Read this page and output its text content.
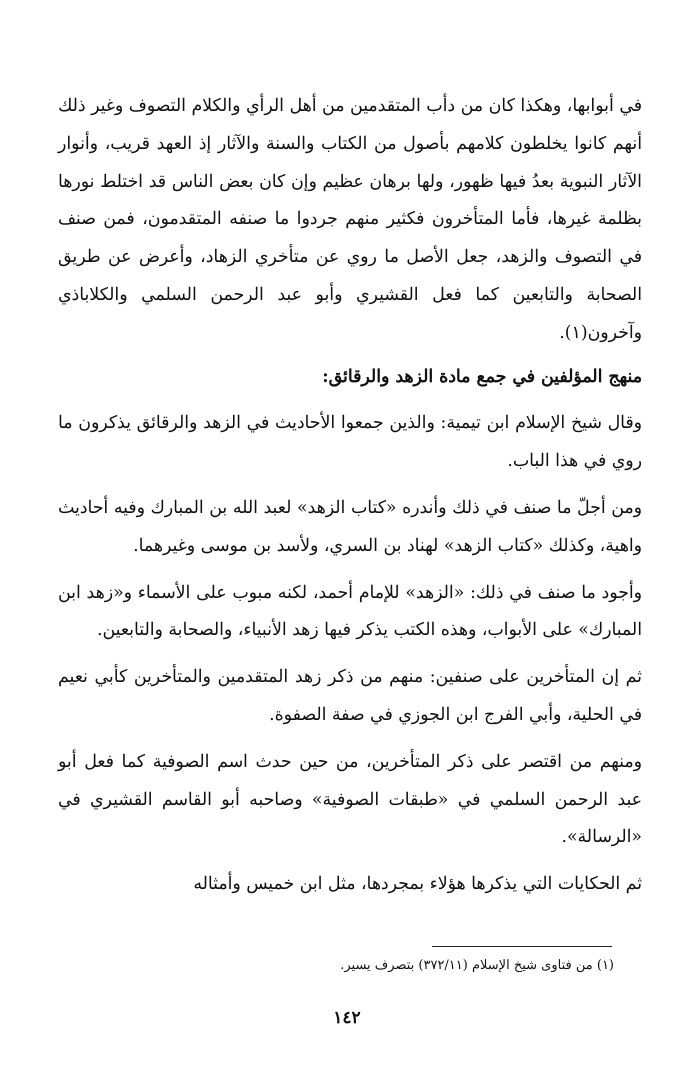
في أبوابها، وهكذا كان من دأب المتقدمين من أهل الرأي والكلام التصوف وغير ذلك أنهم كانوا يخلطون كلامهم بأصول من الكتاب والسنة والآثار إذ العهد قريب، وأنوار الآثار النبوية بعدُ فيها ظهور، ولها برهان عظيم وإن كان بعض الناس قد اختلط نورها بظلمة غيرها، فأما المتأخرون فكثير منهم جردوا ما صنفه المتقدمون، فمن صنف في التصوف والزهد، جعل الأصل ما روي عن متأخري الزهاد، وأعرض عن طريق الصحابة والتابعين كما فعل القشيري وأبو عبد الرحمن السلمي والكلاباذي وآخرون(١).

منهج المؤلفين في جمع مادة الزهد والرقائق:

وقال شيخ الإسلام ابن تيمية: والذين جمعوا الأحاديث في الزهد والرقائق يذكرون ما روي في هذا الباب.

ومن أجلّ ما صنف في ذلك وأندره «كتاب الزهد» لعبد الله بن المبارك وفيه أحاديث واهية، وكذلك «كتاب الزهد» لهناد بن السري، ولأسد بن موسى وغيرهما.

وأجود ما صنف في ذلك: «الزهد» للإمام أحمد، لكنه مبوب على الأسماء و«زهد ابن المبارك» على الأبواب، وهذه الكتب يذكر فيها زهد الأنبياء، والصحابة والتابعين.

ثم إن المتأخرين على صنفين: منهم من ذكر زهد المتقدمين والمتأخرين كأبي نعيم في الحلية، وأبي الفرج ابن الجوزي في صفة الصفوة.

ومنهم من اقتصر على ذكر المتأخرين، من حين حدث اسم الصوفية كما فعل أبو عبد الرحمن السلمي في «طبقات الصوفية» وصاحبه أبو القاسم القشيري في «الرسالة».

ثم الحكايات التي يذكرها هؤلاء بمجردها، مثل ابن خميس وأمثاله

(١) من فتاوى شيخ الإسلام (٣٧٢/١١) بتصرف يسير.
١٤٢
